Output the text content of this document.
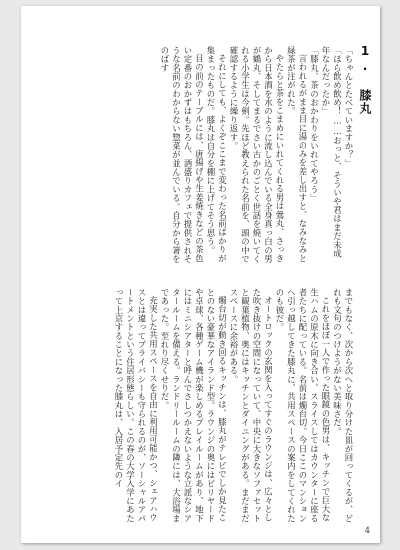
1. 膝丸

「ちゃんとたべていますか？」

「ほら飲め飲め！……おっと、そういや君はまだ未成年なんだったか」

「膝丸、茶のおかわりをいれてやろう」

言われるがまま目に湯のみを差し出すと、なみなみと緑茶が注がれた。

やたらと茶をこまめにいれてくれる男は鶯丸、さっきから日本酒を水のように流し込んでいる全身真っ白の男が鶴丸、そしてまるでさい古かのごとく世話を焼いてくれる小学生は今剣。先ほど教えられた名前を、頭の中で確認するように繰り返す。

それにしても、よくぞここまで変わった名前ばかりが集まったものだ。膝丸は自分を棚に上げてそう思う。

目の前のテーブルには、唐揚げや生姜焼きなどの茶色い定番のおかずはもちろん、酒盛りカフェで提供されそうな名前のわからない惣菜が並んでいる。自分から箸をのばす

までもなく、次から次へと取り分けた皿が回ってくるが、どれも文句のつけようがない美味さだ。

これをほぼ一人で作った眼鏡の色男は、キッチンで巨大な生ハムの原木に向き合い、スライスしてはカウンターに座る者たちに配っている。名前は燭台切。今日ここのマンションへ引っ越してきた膝丸に、共用スペースの案内をしてくれたのも彼だ。

オートロックの玄関を入ってすぐのラウンジは、広々とした吹き抜けの空間になっていて、中央に大きなソファセットと観葉植物、奥にはキッチンとダイニングがある。まだまだスペースに余裕がある。

燭台切が動き回るキッチンは、膝丸がテレビでしか見たことのない豪華なアイランド型。ラウンジの奥にはビリヤードや卓球、各種ゲーム機が楽しめるプレイルームがあり、地下にはミニシアターと呼んでさしつかえないような立派なシアタールームを備える。ランドリールームの隣には、大浴場まであった。至れり尽くせりだ。

充実した共用スペースを自由に利用可能かつ、シェアハウスとは違ってプライバシーも守られるのが、ソーシャルアパートメントという住居形態らしい。この春の大学入学にあたって上京することになった膝丸は、入居予定先のイ

4
